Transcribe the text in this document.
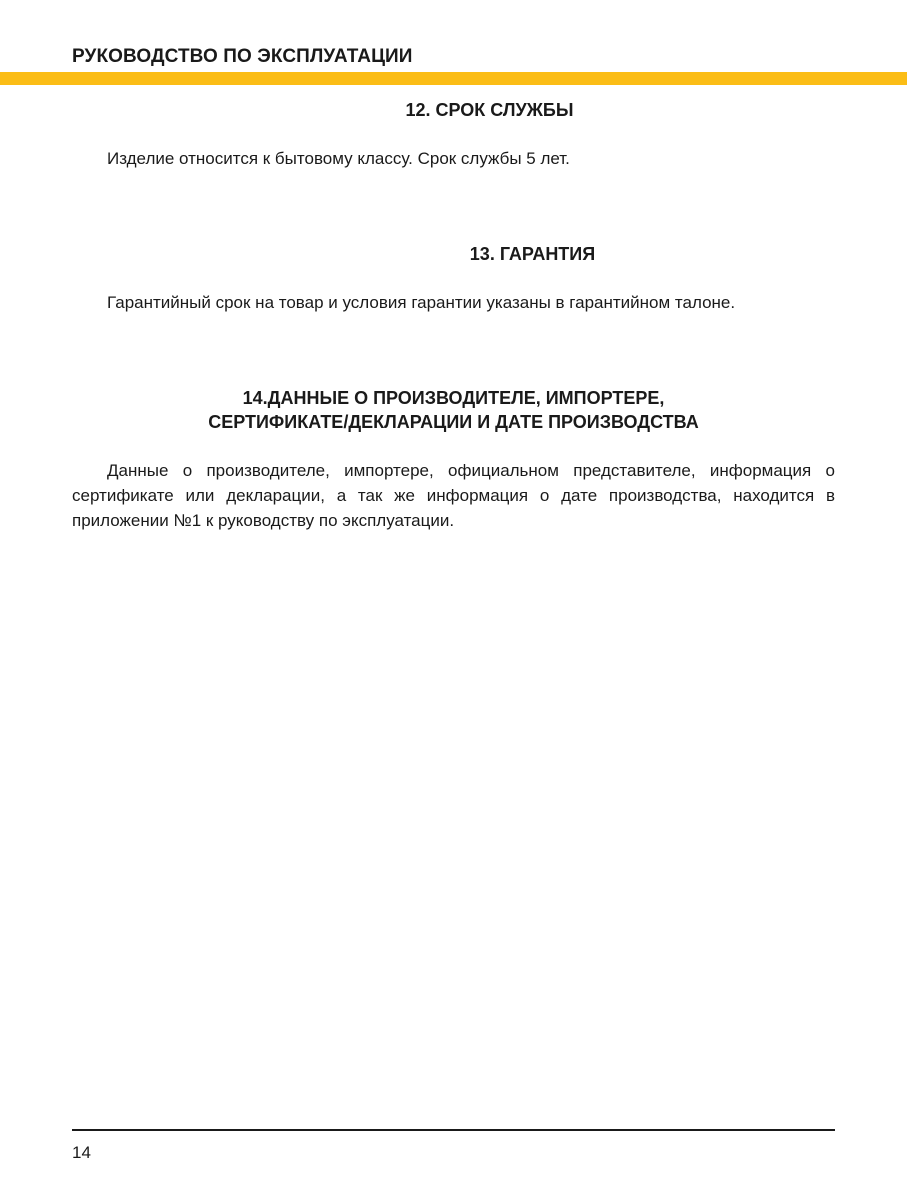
РУКОВОДСТВО ПО ЭКСПЛУАТАЦИИ
12. СРОК СЛУЖБЫ
Изделие относится к бытовому классу. Срок службы 5 лет.
13. ГАРАНТИЯ
Гарантийный срок на товар и условия гарантии указаны в гарантийном талоне.
14.ДАННЫЕ О ПРОИЗВОДИТЕЛЕ, ИМПОРТЕРЕ,
СЕРТИФИКАТЕ/ДЕКЛАРАЦИИ И ДАТЕ ПРОИЗВОДСТВА
Данные о производителе, импортере, официальном представителе, информация о сертификате или декларации, а так же информация о дате производства, находится в приложении №1 к руководству по эксплуатации.
14
